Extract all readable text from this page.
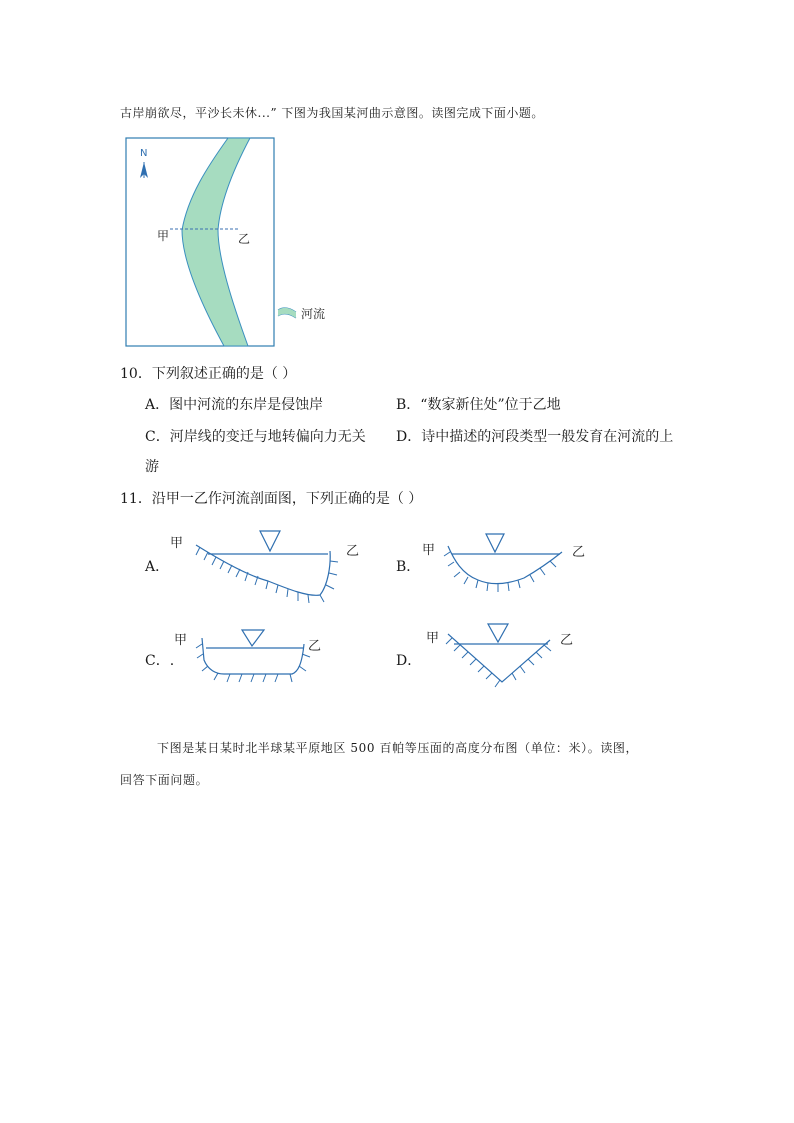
古岸崩欲尽，平沙长未休...” 下图为我国某河曲示意图。读图完成下面小题。
N
甲	乙
河流
10．下列叙述正确的是（ ）
A．图中河流的东岸是侵蚀岸	B．“数家新住处”位于乙地
C．河岸线的变迁与地转偏向力无关 D．诗中描述的河段类型一般发育在河流的上
游
11．沿甲一乙作河流剖面图，下列正确的是（ ）
A．
甲
乙
B．
甲	乙
C．.
甲	乙
D．
甲	乙
下图是某日某时北半球某平原地区 500 百帕等压面的高度分布图（单位：米）。读图，
回答下面问题。
